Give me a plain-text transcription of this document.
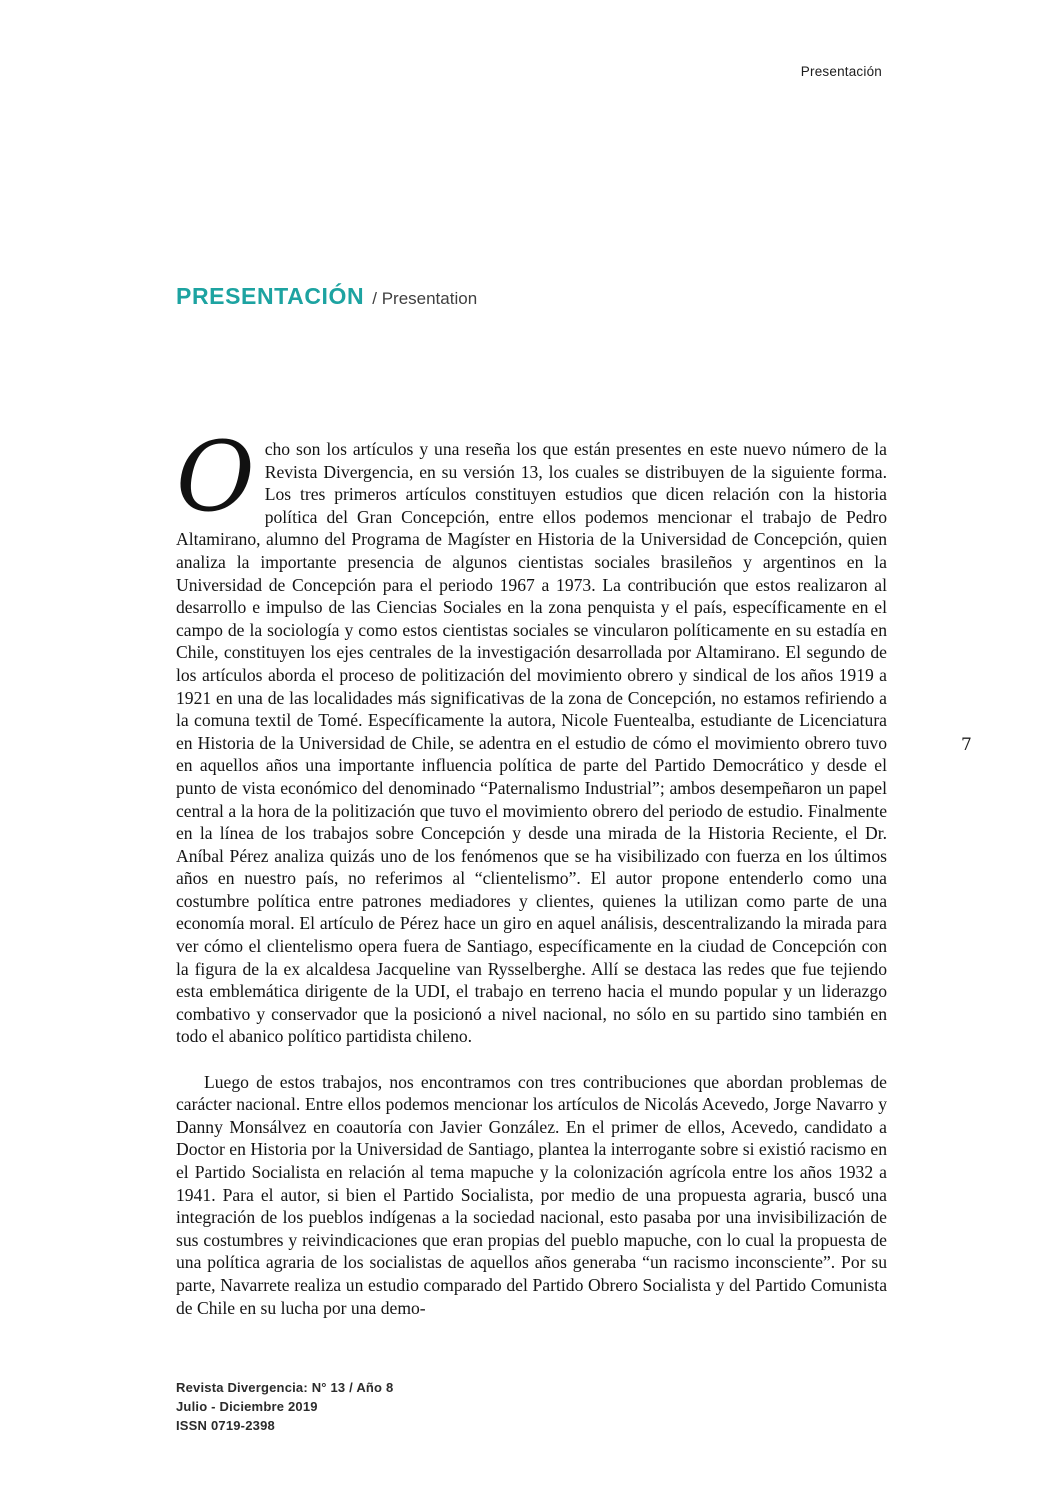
Presentación
PRESENTACIÓN / Presentation

Ocho son los artículos y una reseña los que están presentes en este nuevo número de la Revista Divergencia, en su versión 13, los cuales se distribuyen de la siguiente forma. Los tres primeros artículos constituyen estudios que dicen relación con la historia política del Gran Concepción, entre ellos podemos mencionar el trabajo de Pedro Altamirano, alumno del Programa de Magíster en Historia de la Universidad de Concepción, quien analiza la importante presencia de algunos cientistas sociales brasileños y argentinos en la Universidad de Concepción para el periodo 1967 a 1973. La contribución que estos realizaron al desarrollo e impulso de las Ciencias Sociales en la zona penquista y el país, específicamente en el campo de la sociología y como estos cientistas sociales se vincularon políticamente en su estadía en Chile, constituyen los ejes centrales de la investigación desarrollada por Altamirano. El segundo de los artículos aborda el proceso de politización del movimiento obrero y sindical de los años 1919 a 1921 en una de las localidades más significativas de la zona de Concepción, no estamos refiriendo a la comuna textil de Tomé. Específicamente la autora, Nicole Fuentealba, estudiante de Licenciatura en Historia de la Universidad de Chile, se adentra en el estudio de cómo el movimiento obrero tuvo en aquellos años una importante influencia política de parte del Partido Democrático y desde el punto de vista económico del denominado “Paternalismo Industrial”; ambos desempeñaron un papel central a la hora de la politización que tuvo el movimiento obrero del periodo de estudio. Finalmente en la línea de los trabajos sobre Concepción y desde una mirada de la Historia Reciente, el Dr. Aníbal Pérez analiza quizás uno de los fenómenos que se ha visibilizado con fuerza en los últimos años en nuestro país, no referimos al “clientelismo”. El autor propone entenderlo como una costumbre política entre patrones mediadores y clientes, quienes la utilizan como parte de una economía moral. El artículo de Pérez hace un giro en aquel análisis, descentralizando la mirada para ver cómo el clientelismo opera fuera de Santiago, específicamente en la ciudad de Concepción con la figura de la ex alcaldesa Jacqueline van Rysselberghe. Allí se destaca las redes que fue tejiendo esta emblemática dirigente de la UDI, el trabajo en terreno hacia el mundo popular y un liderazgo combativo y conservador que la posicionó a nivel nacional, no sólo en su partido sino también en todo el abanico político partidista chileno.

Luego de estos trabajos, nos encontramos con tres contribuciones que abordan problemas de carácter nacional. Entre ellos podemos mencionar los artículos de Nicolás Acevedo, Jorge Navarro y Danny Monsálvez en coautoría con Javier González. En el primer de ellos, Acevedo, candidato a Doctor en Historia por la Universidad de Santiago, plantea la interrogante sobre si existió racismo en el Partido Socialista en relación al tema mapuche y la colonización agrícola entre los años 1932 a 1941. Para el autor, si bien el Partido Socialista, por medio de una propuesta agraria, buscó una integración de los pueblos indígenas a la sociedad nacional, esto pasaba por una invisibilización de sus costumbres y reivindicaciones que eran propias del pueblo mapuche, con lo cual la propuesta de una política agraria de los socialistas de aquellos años generaba “un racismo inconsciente”. Por su parte, Navarrete realiza un estudio comparado del Partido Obrero Socialista y del Partido Comunista de Chile en su lucha por una demo-

7
Revista Divergencia: N° 13 / Año 8
Julio - Diciembre 2019
ISSN 0719-2398
